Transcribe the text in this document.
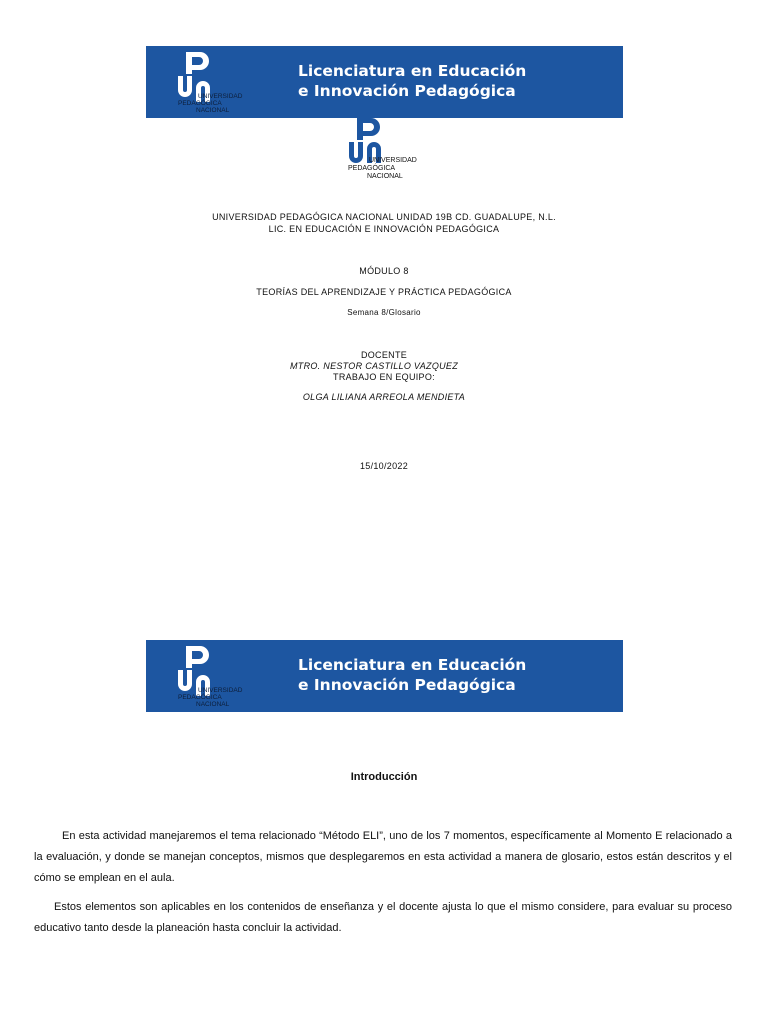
UNIVERSIDAD
PEDAGÓGICA
NACIONAL
Licenciatura en Educación
e Innovación Pedagógica
UNIVERSIDAD
PEDAGÓGICA
NACIONAL
UNIVERSIDAD PEDAGÓGICA NACIONAL UNIDAD 19B CD. GUADALUPE, N.L.
LIC. EN EDUCACIÓN E INNOVACIÓN PEDAGÓGICA
MÓDULO 8
TEORÍAS DEL APRENDIZAJE Y PRÁCTICA PEDAGÓGICA
Semana 8/Glosario
DOCENTE
MTRO. NESTOR CASTILLO VAZQUEZ
TRABAJO EN EQUIPO:
OLGA LILIANA ARREOLA MENDIETA
15/10/2022
UNIVERSIDAD
PEDAGÓGICA
NACIONAL
Licenciatura en Educación
e Innovación Pedagógica
Introducción

En esta actividad manejaremos el tema relacionado “Método ELI”, uno de los 7 momentos, específicamente al Momento E relacionado a la evaluación, y donde se manejan conceptos, mismos que desplegaremos en esta actividad a manera de glosario, estos están descritos y el cómo se emplean en el aula.

Estos elementos son aplicables en los contenidos de enseñanza y el docente ajusta lo que el mismo considere, para evaluar su proceso educativo tanto desde la planeación hasta concluir la actividad.
